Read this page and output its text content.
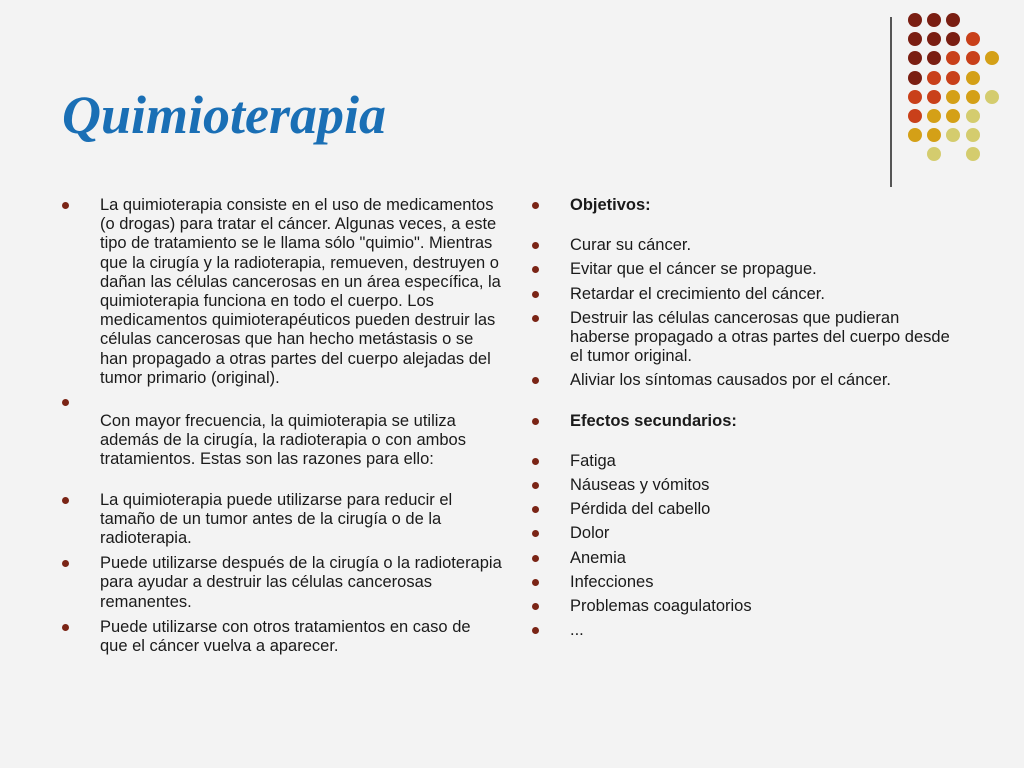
Quimioterapia
La quimioterapia consiste en el uso de medicamentos (o drogas) para tratar el cáncer. Algunas veces, a este tipo de tratamiento se le llama sólo "quimio". Mientras que la cirugía y la radioterapia, remueven, destruyen o dañan las células cancerosas en un área específica, la quimioterapia funciona en todo el cuerpo. Los medicamentos quimioterapéuticos pueden destruir las células cancerosas que han hecho metástasis o se han propagado a otras partes del cuerpo alejadas del tumor primario (original).
Con mayor frecuencia, la quimioterapia se utiliza además de la cirugía, la radioterapia o con ambos tratamientos. Estas son las razones para ello:
La quimioterapia puede utilizarse para reducir el tamaño de un tumor antes de la cirugía o de la radioterapia.
Puede utilizarse después de la cirugía o la radioterapia para ayudar a destruir las células cancerosas remanentes.
Puede utilizarse con otros tratamientos en caso de que el cáncer vuelva a aparecer.
Objetivos:
Curar su cáncer.
Evitar que el cáncer se propague.
Retardar el crecimiento del cáncer.
Destruir las células cancerosas que pudieran haberse propagado a otras partes del cuerpo desde el tumor original.
Aliviar los síntomas causados por el cáncer.
Efectos secundarios:
Fatiga
Náuseas y vómitos
Pérdida del cabello
Dolor
Anemia
Infecciones
Problemas coagulatorios
...
